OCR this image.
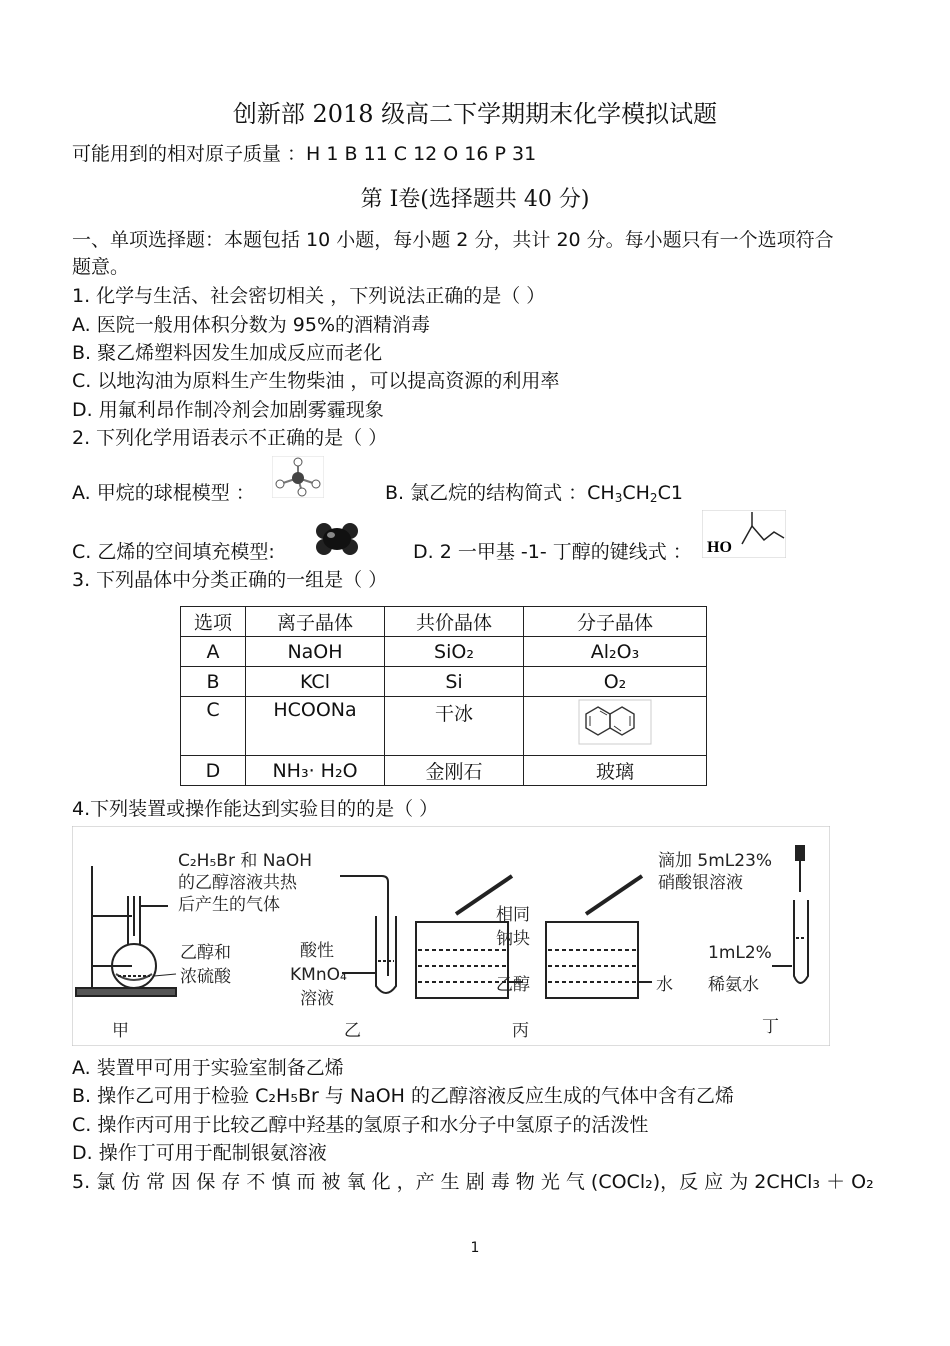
创新部 2018 级高二下学期期末化学模拟试题
可能用到的相对原子质量 ：H 1 B 11 C 12 O 16 P 31
第 Ⅰ卷(选择题共 40 分)
一、单项选择题：本题包括 10 小题，每小题 2 分，共计 20 分。每小题只有一个选项符合
题意。
1. 化学与生活、社会密切相关 ，下列说法正确的是（ ）
A. 医院一般用体积分数为 95%的酒精消毒
B. 聚乙烯塑料因发生加成反应而老化
C. 以地沟油为原料生产生物柴油 ，可以提高资源的利用率
D. 用氟利昂作制冷剂会加剧雾霾现象
2. 下列化学用语表示不正确的是（ ）
A. 甲烷的球棍模型 ：	B. 氯乙烷的结构简式 ：$CH_3CH_2C1$
C. 乙烯的空间填充模型:	D. 2 一甲基 -1- 丁醇的键线式 ： HO
3. 下列晶体中分类正确的一组是（ ）
选项	离子晶体	共价晶体	分子晶体
A	NaOH	SiO₂	Al₂O₃
B	KCl	Si	O₂
C	HCOONa	干冰	
D	NH₃· H₂O	金刚石	玻璃
4.下列装置或操作能达到实验目的的是（ ）
C₂H₅Br 和 NaOH
的乙醇溶液共热
后产生的气体
乙醇和
浓硫酸
甲
酸性
KMnO₄
溶液
乙
相同
钠块
乙醇	水
丙
滴加 5mL23%
硝酸银溶液
1mL2%
稀氨水
丁
A. 装置甲可用于实验室制备乙烯
B. 操作乙可用于检验 C₂H₅Br 与 NaOH 的乙醇溶液反应生成的气体中含有乙烯
C. 操作丙可用于比较乙醇中羟基的氢原子和水分子中氢原子的活泼性
D. 操作丁可用于配制银氨溶液
5. 氯 仿 常 因 保 存 不 慎 而 被 氧 化 ，产 生 剧 毒 物 光 气 (COCl₂)，反 应 为 2CHCl₃ ＋ O₂
1
